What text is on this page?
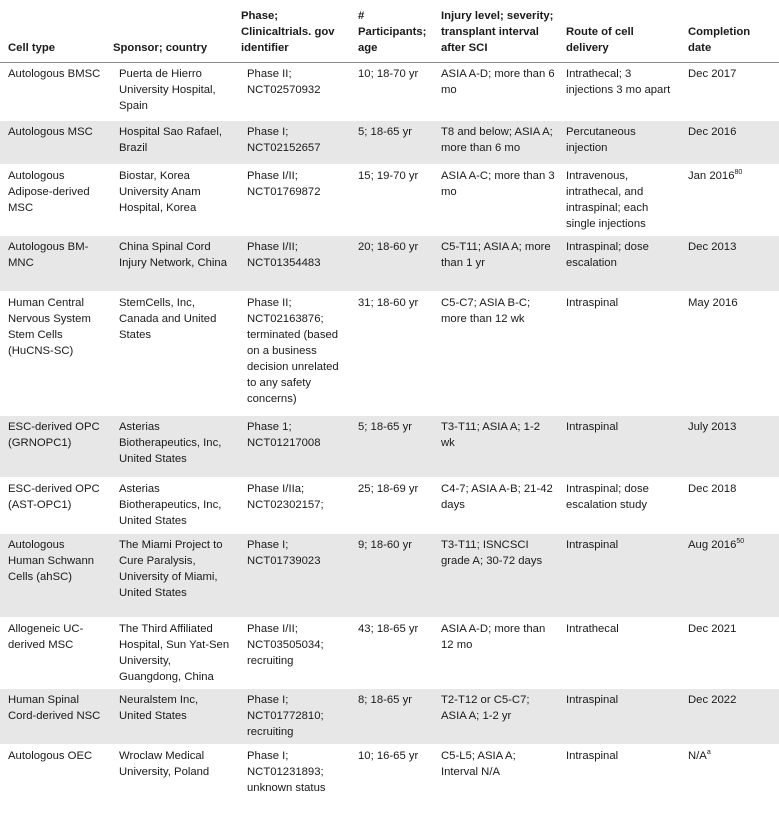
Cell type	Sponsor; country	Phase; Clinicaltrials. gov identifier	# Participants; age	Injury level; severity; transplant interval after SCI	Route of cell delivery	Completion date
Autologous BMSC	Puerta de Hierro University Hospital, Spain	Phase II; NCT02570932	10; 18-70 yr	ASIA A-D; more than 6 mo	Intrathecal; 3 injections 3 mo apart	Dec 2017
Autologous MSC	Hospital Sao Rafael, Brazil	Phase I; NCT02152657	5; 18-65 yr	T8 and below; ASIA A; more than 6 mo	Percutaneous injection	Dec 2016
Autologous Adipose-derived MSC	Biostar, Korea University Anam Hospital, Korea	Phase I/II; NCT01769872	15; 19-70 yr	ASIA A-C; more than 3 mo	Intravenous, intrathecal, and intraspinal; each single injections	Jan 2016$^{80}$
Autologous BM-MNC	China Spinal Cord Injury Network, China	Phase I/II; NCT01354483	20; 18-60 yr	C5-T11; ASIA A; more than 1 yr	Intraspinal; dose escalation	Dec 2013
Human Central Nervous System Stem Cells (HuCNS-SC)	StemCells, Inc, Canada and United States	Phase II; NCT02163876; terminated (based on a business decision unrelated to any safety concerns)	31; 18-60 yr	C5-C7; ASIA B-C; more than 12 wk	Intraspinal	May 2016
ESC-derived OPC (GRNOPC1)	Asterias Biotherapeutics, Inc, United States	Phase 1; NCT01217008	5; 18-65 yr	T3-T11; ASIA A; 1-2 wk	Intraspinal	July 2013
ESC-derived OPC (AST-OPC1)	Asterias Biotherapeutics, Inc, United States	Phase I/IIa; NCT02302157;	25; 18-69 yr	C4-7; ASIA A-B; 21-42 days	Intraspinal; dose escalation study	Dec 2018
Autologous Human Schwann Cells (ahSC)	The Miami Project to Cure Paralysis, University of Miami, United States	Phase I; NCT01739023	9; 18-60 yr	T3-T11; ISNCSCI grade A; 30-72 days	Intraspinal	Aug 2016$^{50}$
Allogeneic UC-derived MSC	The Third Affiliated Hospital, Sun Yat-Sen University, Guangdong, China	Phase I/II; NCT03505034; recruiting	43; 18-65 yr	ASIA A-D; more than 12 mo	Intrathecal	Dec 2021
Human Spinal Cord-derived NSC	Neuralstem Inc, United States	Phase I; NCT01772810; recruiting	8; 18-65 yr	T2-T12 or C5-C7; ASIA A; 1-2 yr	Intraspinal	Dec 2022
Autologous OEC	Wroclaw Medical University, Poland	Phase I; NCT01231893; unknown status	10; 16-65 yr	C5-L5; ASIA A; Interval N/A	Intraspinal	$N/A^a$
